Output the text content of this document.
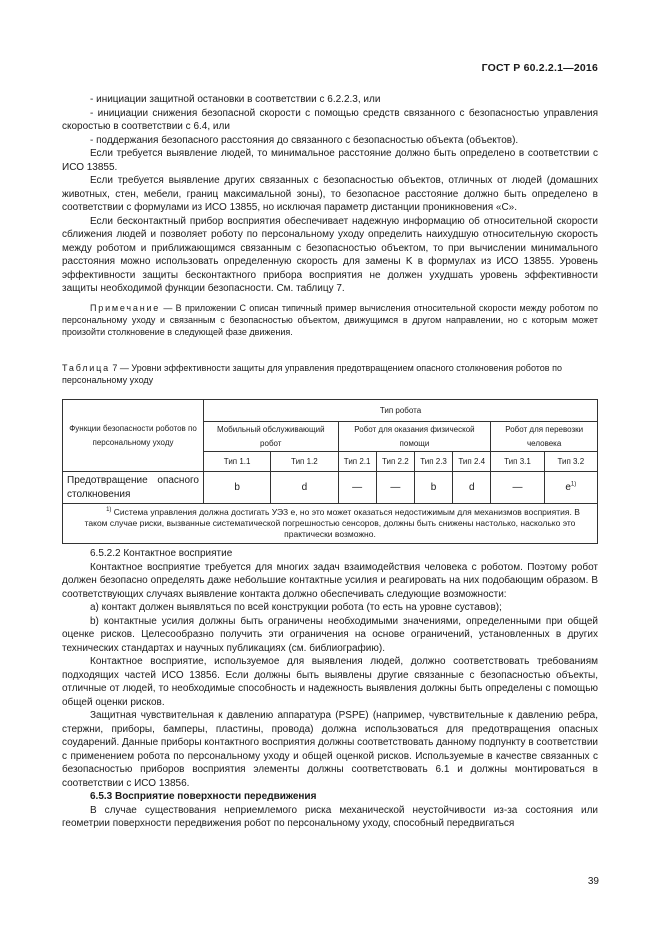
ГОСТ Р 60.2.2.1—2016

- инициации защитной остановки в соответствии с 6.2.2.3, или

- инициации снижения безопасной скорости с помощью средств связанного с безопасностью управления скоростью в соответствии с 6.4, или

- поддержания безопасного расстояния до связанного с безопасностью объекта (объектов).

Если требуется выявление людей, то минимальное расстояние должно быть определено в соответствии с ИСО 13855.

Если требуется выявление других связанных с безопасностью объектов, отличных от людей (домашних животных, стен, мебели, границ максимальной зоны), то безопасное расстояние должно быть определено в соответствии с формулами из ИСО 13855, но исключая параметр дистанции проникновения «C».

Если бесконтактный прибор восприятия обеспечивает надежную информацию об относительной скорости сближения людей и позволяет роботу по персональному уходу определить наихудшую относительную скорость между роботом и приближающимся связанным с безопасностью объектом, то при вычислении минимального расстояния можно использовать определенную скорость для замены K в формулах из ИСО 13855. Уровень эффективности защиты бесконтактного прибора восприятия не должен ухудшать уровень эффективности защиты необходимой функции безопасности. См. таблицу 7.

Примечание — В приложении С описан типичный пример вычисления относительной скорости между роботом по персональному уходу и связанным с безопасностью объектом, движущимся в другом направлении, но с которым может произойти столкновение в следующей фазе движения.

Таблица 7 — Уровни эффективности защиты для управления предотвращением опасного столкновения роботов по персональному уходу

Функции безопасности роботов по персональному уходу	Тип робота							
	Мобильный обслуживающий робот		Робот для оказания физической помощи				Робот для перевозки человека	
	Тип 1.1	Тип 1.2	Тип 2.1	Тип 2.2	Тип 2.3	Тип 2.4	Тип 3.1	Тип 3.2
Предотвращение опасного столкновения	b	d	—	—	b	d	—	$e^{1)}$
$^{1)}$ Система управления должна достигать УЭЗ e, но это может оказаться недостижимым для механизмов восприятия. В таком случае риски, вызванные систематической погрешностью сенсоров, должны быть снижены настолько, насколько это практически возможно.								

6.5.2.2 Контактное восприятие

Контактное восприятие требуется для многих задач взаимодействия человека с роботом. Поэтому робот должен безопасно определять даже небольшие контактные усилия и реагировать на них подобающим образом. В соответствующих случаях выявление контакта должно обеспечивать следующие возможности:

а) контакт должен выявляться по всей конструкции робота (то есть на уровне суставов);

b) контактные усилия должны быть ограничены необходимыми значениями, определенными при общей оценке рисков. Целесообразно получить эти ограничения на основе ограничений, установленных в других технических стандартах и научных публикациях (см. библиографию).

Контактное восприятие, используемое для выявления людей, должно соответствовать требованиям подходящих частей ИСО 13856. Если должны быть выявлены другие связанные с безопасностью объекты, отличные от людей, то необходимые способность и надежность выявления должны быть определены с помощью общей оценки рисков.

Защитная чувствительная к давлению аппаратура (PSPE) (например, чувствительные к давлению ребра, стержни, приборы, бамперы, пластины, провода) должна использоваться для предотвращения опасных соударений. Данные приборы контактного восприятия должны соответствовать данному подпункту в соответствии с применением робота по персональному уходу и общей оценкой рисков. Используемые в качестве связанных с безопасностью приборов восприятия элементы должны соответствовать 6.1 и должны монтироваться в соответствии с ИСО 13856.

6.5.3 Восприятие поверхности передвижения

В случае существования неприемлемого риска механической неустойчивости из-за состояния или геометрии поверхности передвижения робот по персональному уходу, способный передвигаться

39
